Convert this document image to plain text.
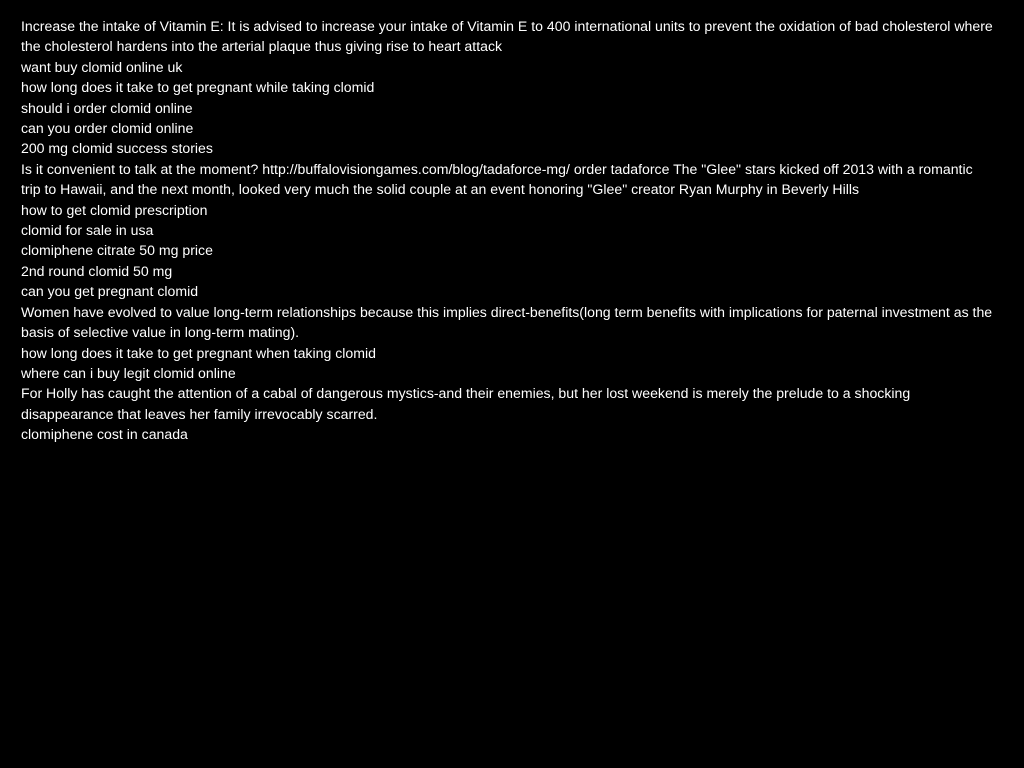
Increase the intake of Vitamin E: It is advised to increase your intake of Vitamin E to 400 international units to prevent the oxidation of bad cholesterol where the cholesterol hardens into the arterial plaque thus giving rise to heart attack

want buy clomid online uk

how long does it take to get pregnant while taking clomid

should i order clomid online

can you order clomid online

200 mg clomid success stories

Is it convenient to talk at the moment? http://buffalovisiongames.com/blog/tadaforce-mg/ order tadaforce The "Glee" stars kicked off 2013 with a romantic trip to Hawaii, and the next month, looked very much the solid couple at an event honoring "Glee" creator Ryan Murphy in Beverly Hills

how to get clomid prescription

clomid for sale in usa

clomiphene citrate 50 mg price

2nd round clomid 50 mg

can you get pregnant clomid

Women have evolved to value long-term relationships because this implies direct-benefits(long term benefits with implications for paternal investment as the basis of selective value in long-term mating).

how long does it take to get pregnant when taking clomid

where can i buy legit clomid online

For Holly has caught the attention of a cabal of dangerous mystics-and their enemies, but her lost weekend is merely the prelude to a shocking disappearance that leaves her family irrevocably scarred.

clomiphene cost in canada
